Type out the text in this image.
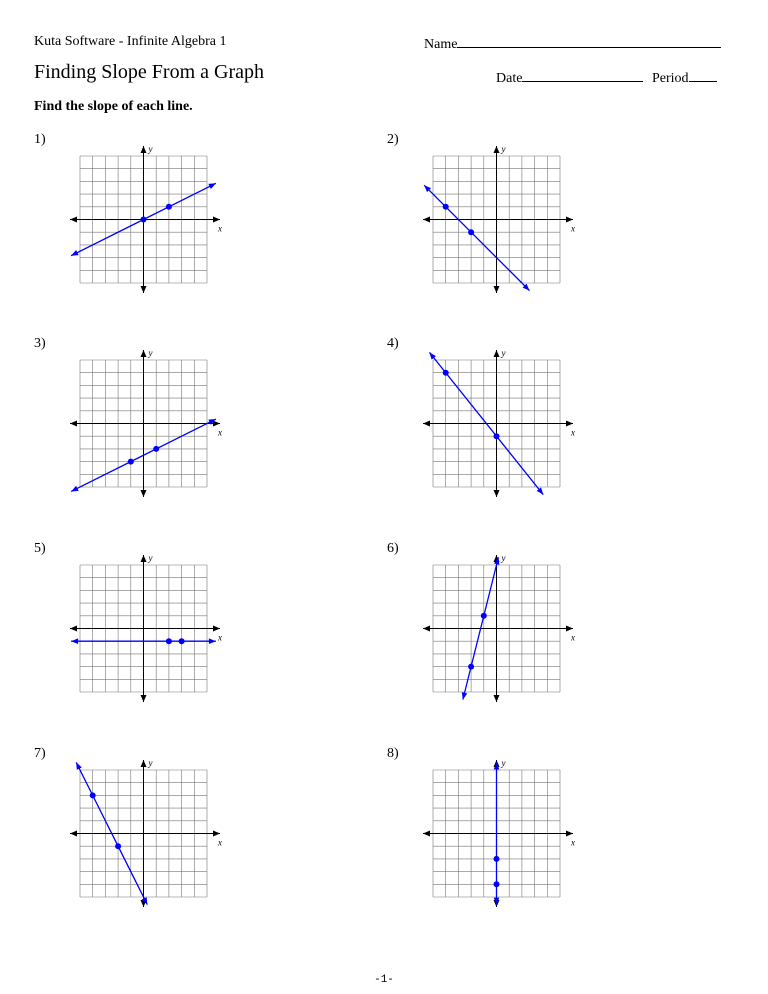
Kuta Software - Infinite Algebra 1	Name
Finding Slope From a Graph	Date	Period
Find the slope of each line.
1)
x
y
2)
x
y
3)
x
y
4)
x
y
5)
x
y
6)
x
y
7)
x
y
8)
x
y
-1-
